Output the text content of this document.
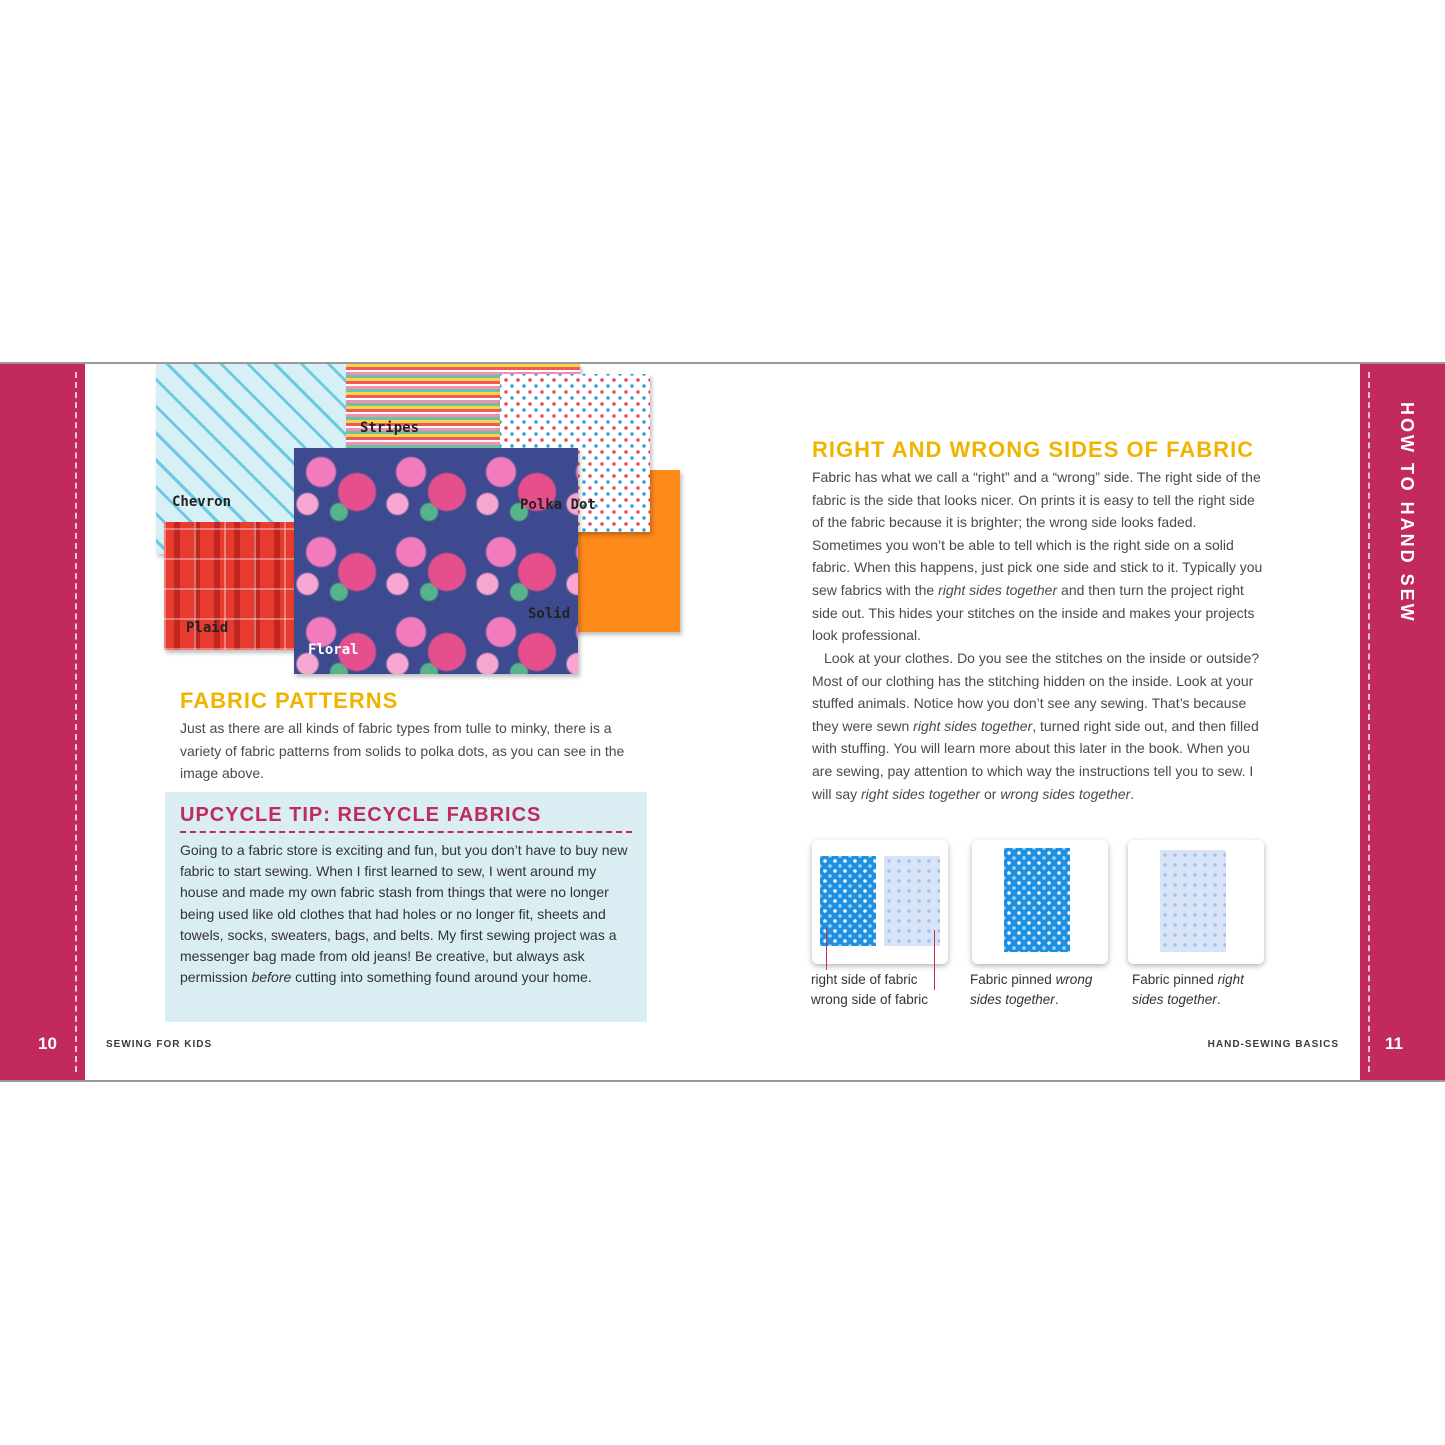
10
HOW TO HAND SEW
11
SEWING FOR KIDS	HAND-SEWING BASICS
Chevron
Stripes
Polka Dot
Plaid
Floral
Solid
FABRIC PATTERNS
Just as there are all kinds of fabric types from tulle to minky, there is a variety of fabric patterns from solids to polka dots, as you can see in the image above.
UPCYCLE TIP: RECYCLE FABRICS
Going to a fabric store is exciting and fun, but you don’t have to buy new fabric to start sewing. When I first learned to sew, I went around my house and made my own fabric stash from things that were no longer being used like old clothes that had holes or no longer fit, sheets and towels, socks, sweaters, bags, and belts. My first sewing project was a messenger bag made from old jeans! Be creative, but always ask permission before cutting into something found around your home.
RIGHT AND WRONG SIDES OF FABRIC
Fabric has what we call a “right” and a “wrong” side. The right side of the fabric is the side that looks nicer. On prints it is easy to tell the right side of the fabric because it is brighter; the wrong side looks faded. Sometimes you won’t be able to tell which is the right side on a solid fabric. When this happens, just pick one side and stick to it. Typically you sew fabrics with the right sides together and then turn the project right side out. This hides your stitches on the inside and makes your projects look professional.
Look at your clothes. Do you see the stitches on the inside or outside? Most of our clothing has the stitching hidden on the inside. Look at your stuffed animals. Notice how you don’t see any sewing. That’s because they were sewn right sides together, turned right side out, and then filled with stuffing. You will learn more about this later in the book. When you are sewing, pay attention to which way the instructions tell you to sew. I will say right sides together or wrong sides together.
right side of fabric
wrong side of fabric
Fabric pinned wrong sides together.
Fabric pinned right sides together.
